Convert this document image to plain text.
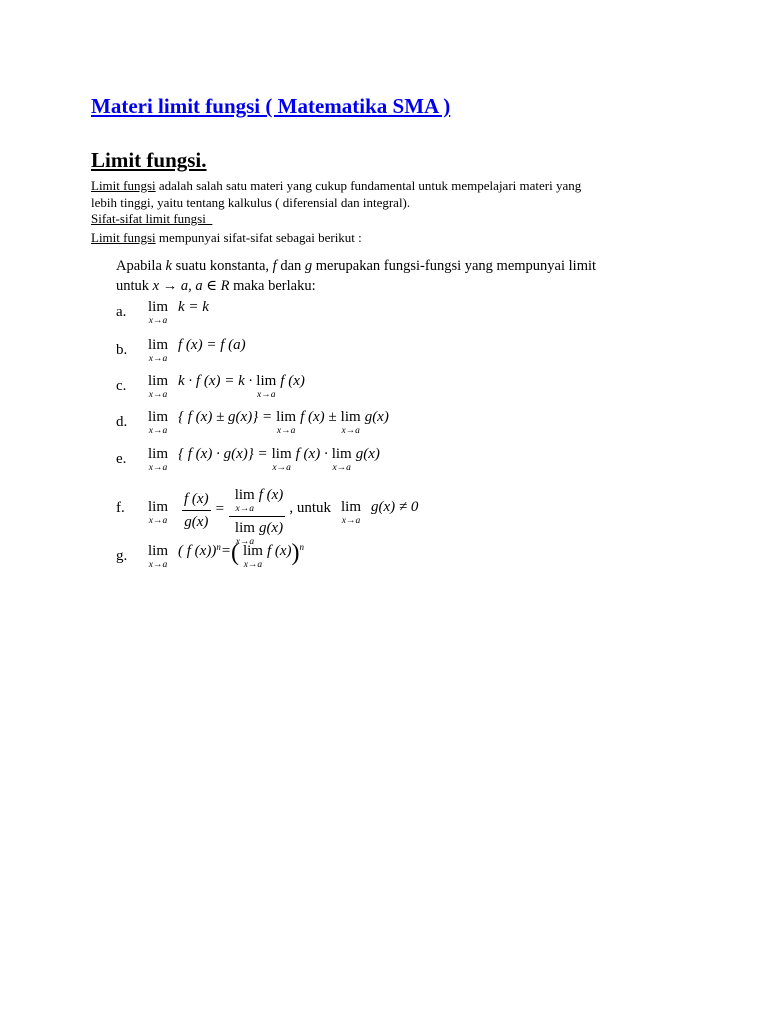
Materi limit fungsi ( Matematika SMA )
Limit fungsi.
Limit fungsi adalah salah satu materi yang cukup fundamental untuk mempelajari materi yang
lebih tinggi, yaitu tentang kalkulus ( diferensial dan integral).
Sifat-sifat limit fungsi
Limit fungsi mempunyai sifat-sifat sebagai berikut :
Apabila k suatu konstanta, f dan g merupakan fungsi-fungsi yang mempunyai limit
untuk x → a, a ∈ R maka berlaku:
a. lim
x→a
k = k
b. lim
x→a
f (x) = f (a)
c. lim
x→a
k · f (x) = k · lim
x→a
f (x)
d. lim
x→a
{ f (x) ± g(x)} = lim
x→a
f (x) ± lim
x→a
g(x)
e. lim
x→a
{ f (x) · g(x)} = lim
x→a
f (x) · lim
x→a
g(x)
f. lim
$x\to a \frac{f (x)}{g(x)} = \lim$
x→a
f (x)
lim
x→a
g(x) , untuk lim
x→a
g(x) ≠ 0
g. lim
x→a
( f (x)) n = ( lim
x→a
f (x) ) n
